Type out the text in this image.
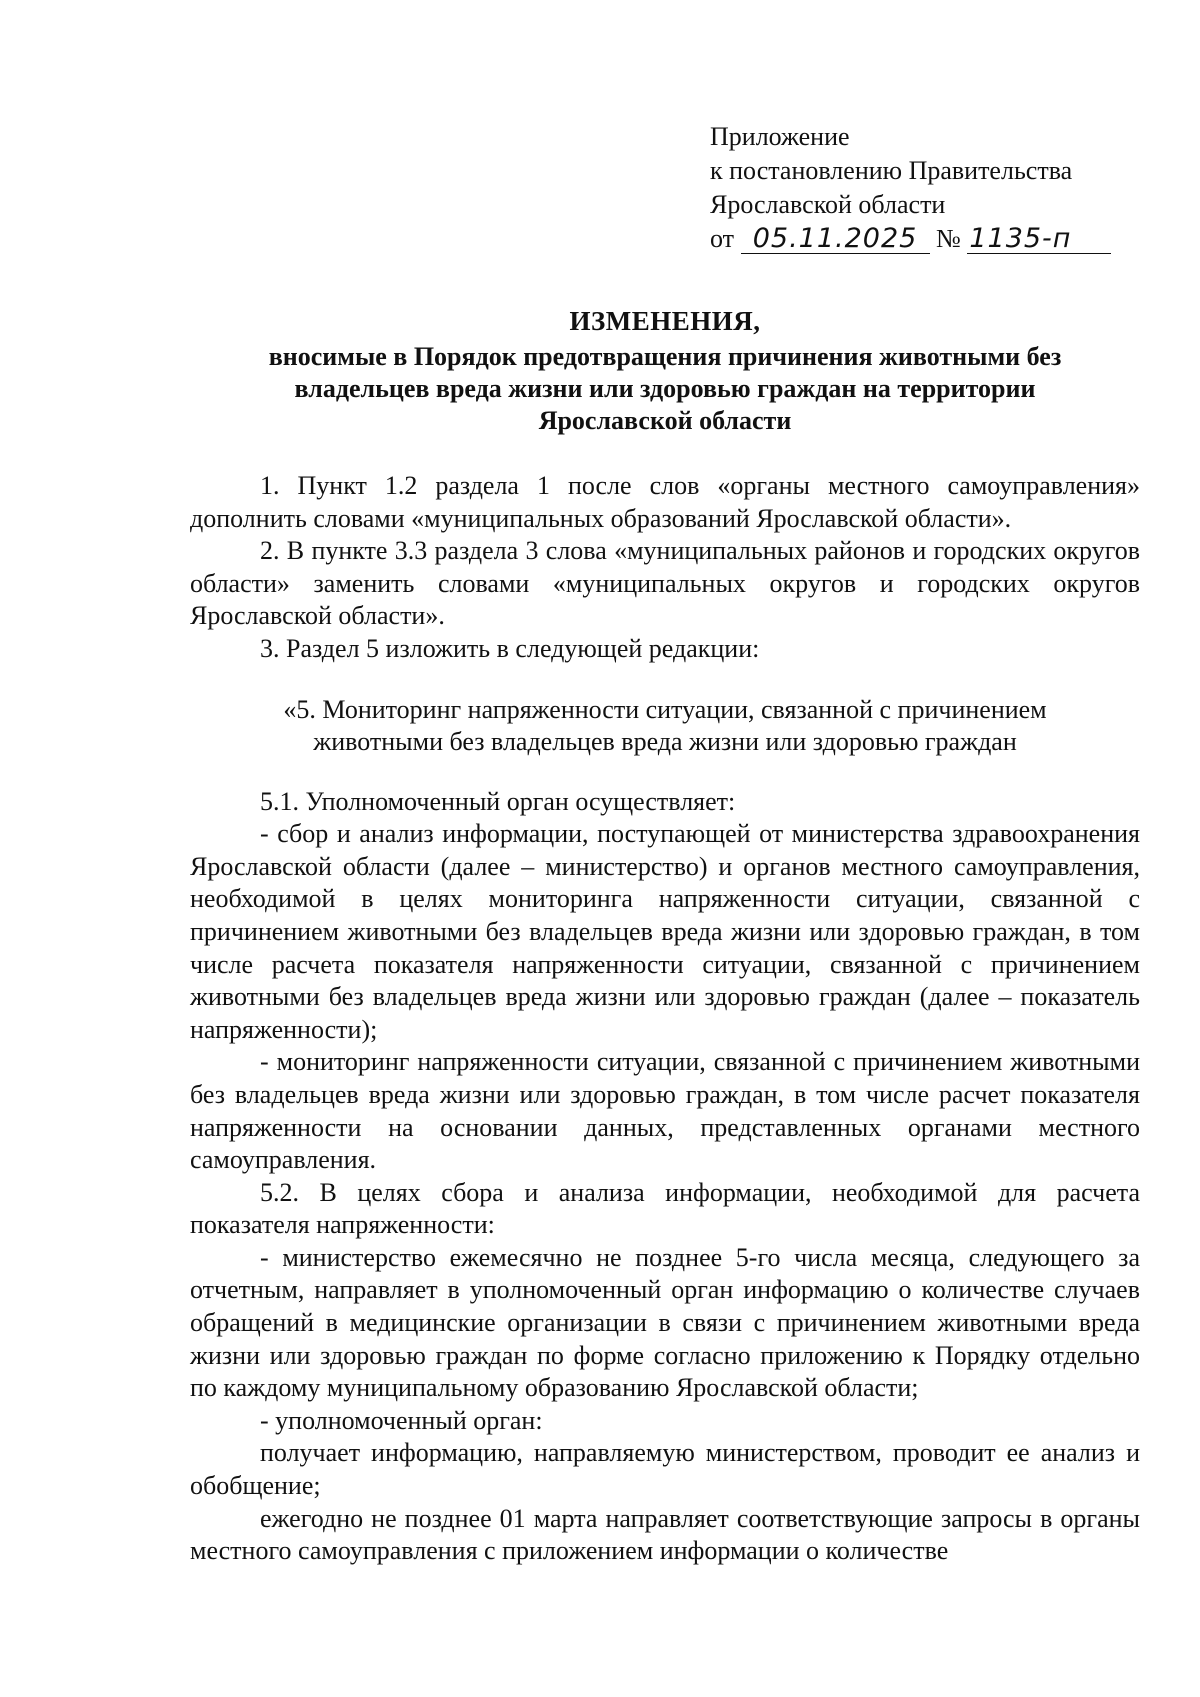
Приложение
к постановлению Правительства
Ярославской области
от 05.11.2025 № 1135-п
ИЗМЕНЕНИЯ,
вносимые в Порядок предотвращения причинения животными без
владельцев вреда жизни или здоровью граждан на территории
Ярославской области

1. Пункт 1.2 раздела 1 после слов «органы местного самоуправления» дополнить словами «муниципальных образований Ярославской области».

2. В пункте 3.3 раздела 3 слова «муниципальных районов и городских округов области» заменить словами «муниципальных округов и городских округов Ярославской области».

3. Раздел 5 изложить в следующей редакции:

«5. Мониторинг напряженности ситуации, связанной с причинением
животными без владельцев вреда жизни или здоровью граждан

5.1. Уполномоченный орган осуществляет:

- сбор и анализ информации, поступающей от министерства здравоохранения Ярославской области (далее – министерство) и органов местного самоуправления, необходимой в целях мониторинга напряженности ситуации, связанной с причинением животными без владельцев вреда жизни или здоровью граждан, в том числе расчета показателя напряженности ситуации, связанной с причинением животными без владельцев вреда жизни или здоровью граждан (далее – показатель напряженности);

- мониторинг напряженности ситуации, связанной с причинением животными без владельцев вреда жизни или здоровью граждан, в том числе расчет показателя напряженности на основании данных, представленных органами местного самоуправления.

5.2. В целях сбора и анализа информации, необходимой для расчета показателя напряженности:

- министерство ежемесячно не позднее 5-го числа месяца, следующего за отчетным, направляет в уполномоченный орган информацию о количестве случаев обращений в медицинские организации в связи с причинением животными вреда жизни или здоровью граждан по форме согласно приложению к Порядку отдельно по каждому муниципальному образованию Ярославской области;

- уполномоченный орган:

получает информацию, направляемую министерством, проводит ее анализ и обобщение;

ежегодно не позднее 01 марта направляет соответствующие запросы в органы местного самоуправления с приложением информации о количестве
